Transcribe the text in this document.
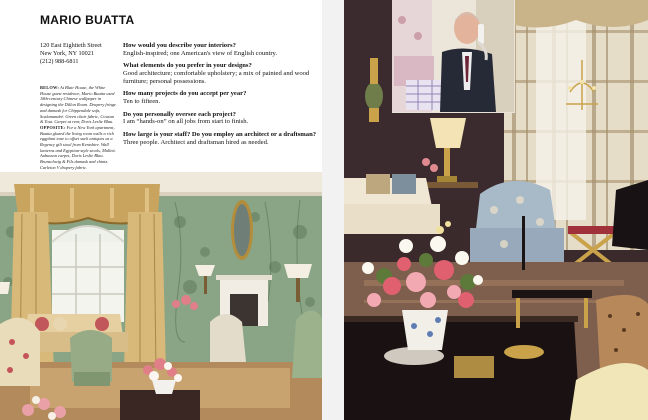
MARIO BUATTA
120 East Eightieth Street
New York, NY 10021
(212) 988-6811
BELOW: At Blair House, the White House guest residence, Mario Buatta used 18th-century Chinese wallpaper in designing the Dillon Room. Drapery fringe and damask for Chippendale sofa, Scalamandré. Green chair fabric, Cowtan & Tout. Carpet at rear, Doris Leslie Blau. OPPOSITE: For a New York apartment, Buatta glazed the living room walls a rich eggplant tone to offset such antiques as a Regency gilt stool from Kentshire. Wall lanterns and Egyptian-style stools, Mallett. Aubusson carpet, Doris Leslie Blau. Brunschwig & Fils damask and chintz. Carleton V drapery fabric.
How would you describe your interiors?
English-inspired; one American's view of English country.
What elements do you prefer in your designs?
Good architecture; comfortable upholstery; a mix of painted and wood furniture; personal possessions.
How many projects do you accept per year?
Ten to fifteen.
Do you personally oversee each project?
I am “hands-on” on all jobs from start to finish.
How large is your staff? Do you employ an architect or a draftsman?
Three people. Architect and draftsman hired as needed.
